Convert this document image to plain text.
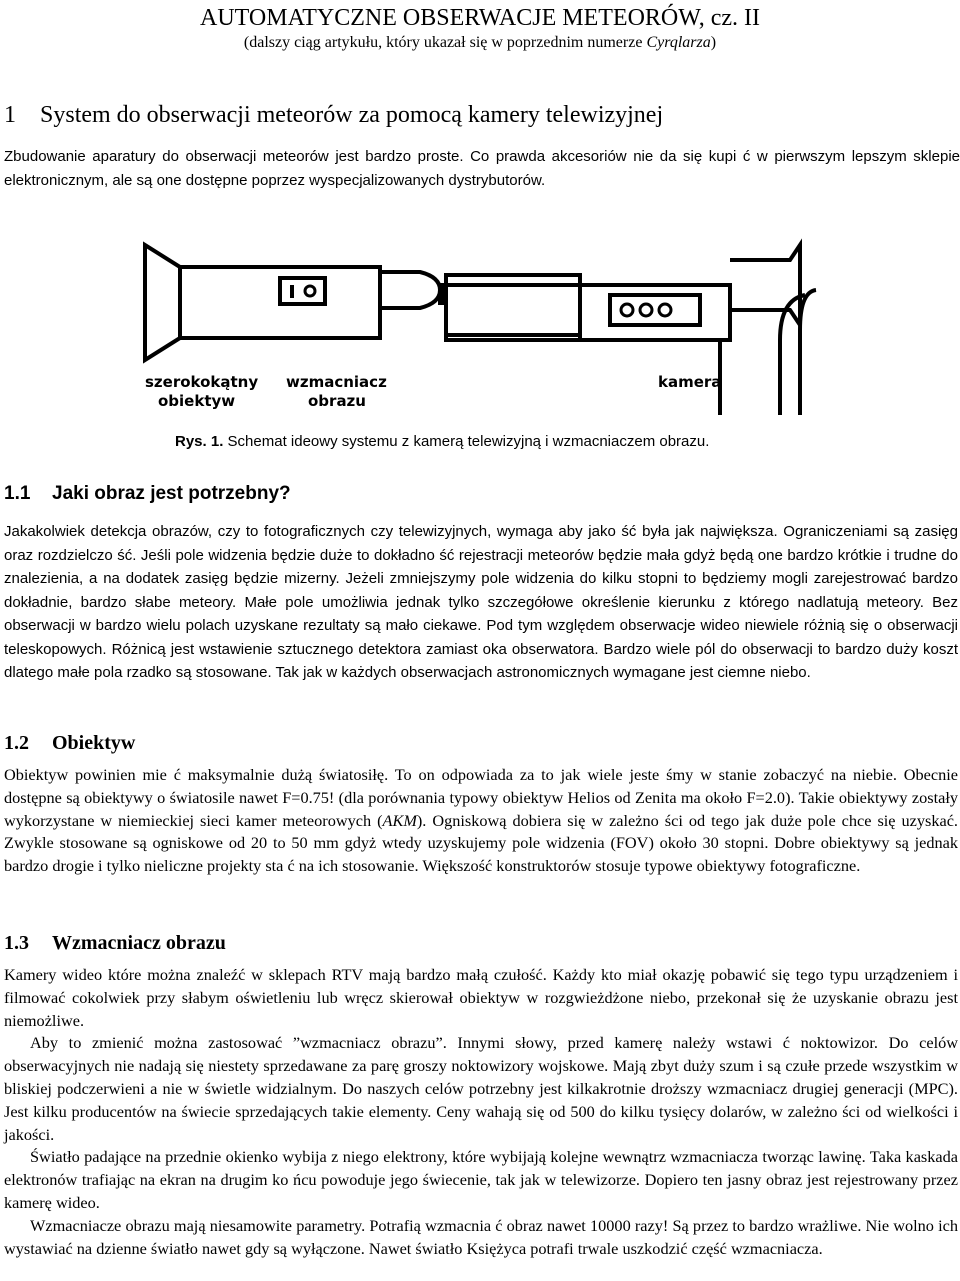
AUTOMATYCZNE OBSERWACJE METEORÓW, cz. II
(dalszy ciąg artykułu, który ukazał się w poprzednim numerze Cyrqlarza)
1 System do obserwacji meteorów za pomocą kamery telewizyjnej
Zbudowanie aparatury do obserwacji meteorów jest bardzo proste. Co prawda akcesoriów nie da się kupi ć w pierwszym lepszym sklepie elektronicznym, ale są one dostępne poprzez wyspecjalizowanych dystrybutorów.
szerokokątny
obiektyw
wzmacniacz
obrazu
kamera
Rys. 1. Schemat ideowy systemu z kamerą telewizyjną i wzmacniaczem obrazu.
1.1 Jaki obraz jest potrzebny?

Jakakolwiek detekcja obrazów, czy to fotograficznych czy telewizyjnych, wymaga aby jako ść była jak największa. Ograniczeniami są zasięg oraz rozdzielczo ść. Jeśli pole widzenia będzie duże to dokładno ść rejestracji meteorów będzie mała gdyż będą one bardzo krótkie i trudne do znalezienia, a na dodatek zasięg będzie mizerny. Jeżeli zmniejszymy pole widzenia do kilku stopni to będziemy mogli zarejestrować bardzo dokładnie, bardzo słabe meteory. Małe pole umożliwia jednak tylko szczegółowe określenie kierunku z którego nadlatują meteory. Bez obserwacji w bardzo wielu polach uzyskane rezultaty są mało ciekawe. Pod tym względem obserwacje wideo niewiele różnią się o obserwacji teleskopowych. Różnicą jest wstawienie sztucznego detektora zamiast oka obserwatora. Bardzo wiele pól do obserwacji to bardzo duży koszt dlatego małe pola rzadko są stosowane. Tak jak w każdych obserwacjach astronomicznych wymagane jest ciemne niebo.

1.2 Obiektyw

Obiektyw powinien mie ć maksymalnie dużą światosiłę. To on odpowiada za to jak wiele jeste śmy w stanie zobaczyć na niebie. Obecnie dostępne są obiektywy o światosile nawet F=0.75! (dla porównania typowy obiektyw Helios od Zenita ma około F=2.0). Takie obiektywy zostały wykorzystane w niemieckiej sieci kamer meteorowych (AKM). Ogniskową dobiera się w zależno ści od tego jak duże pole chce się uzyskać. Zwykle stosowane są ogniskowe od 20 to 50 mm gdyż wtedy uzyskujemy pole widzenia (FOV) około 30 stopni. Dobre obiektywy są jednak bardzo drogie i tylko nieliczne projekty sta ć na ich stosowanie. Większość konstruktorów stosuje typowe obiektywy fotograficzne.

1.3 Wzmacniacz obrazu

Kamery wideo które można znaleźć w sklepach RTV mają bardzo małą czułość. Każdy kto miał okazję pobawić się tego typu urządzeniem i filmować cokolwiek przy słabym oświetleniu lub wręcz skierował obiektyw w rozgwieżdżone niebo, przekonał się że uzyskanie obrazu jest niemożliwe.

Aby to zmienić można zastosować ”wzmacniacz obrazu”. Innymi słowy, przed kamerę należy wstawi ć noktowizor. Do celów obserwacyjnych nie nadają się niestety sprzedawane za parę groszy noktowizory wojskowe. Mają zbyt duży szum i są czułe przede wszystkim w bliskiej podczerwieni a nie w świetle widzialnym. Do naszych celów potrzebny jest kilkakrotnie droższy wzmacniacz drugiej generacji (MPC). Jest kilku producentów na świecie sprzedających takie elementy. Ceny wahają się od 500 do kilku tysięcy dolarów, w zależno ści od wielkości i jakości.

Światło padające na przednie okienko wybija z niego elektrony, które wybijają kolejne wewnątrz wzmacniacza tworząc lawinę. Taka kaskada elektronów trafiając na ekran na drugim ko ńcu powoduje jego świecenie, tak jak w telewizorze. Dopiero ten jasny obraz jest rejestrowany przez kamerę wideo.

Wzmacniacze obrazu mają niesamowite parametry. Potrafią wzmacnia ć obraz nawet 10000 razy! Są przez to bardzo wrażliwe. Nie wolno ich wystawiać na dzienne światło nawet gdy są wyłączone. Nawet światło Księżyca potrafi trwale uszkodzić część wzmacniacza.
